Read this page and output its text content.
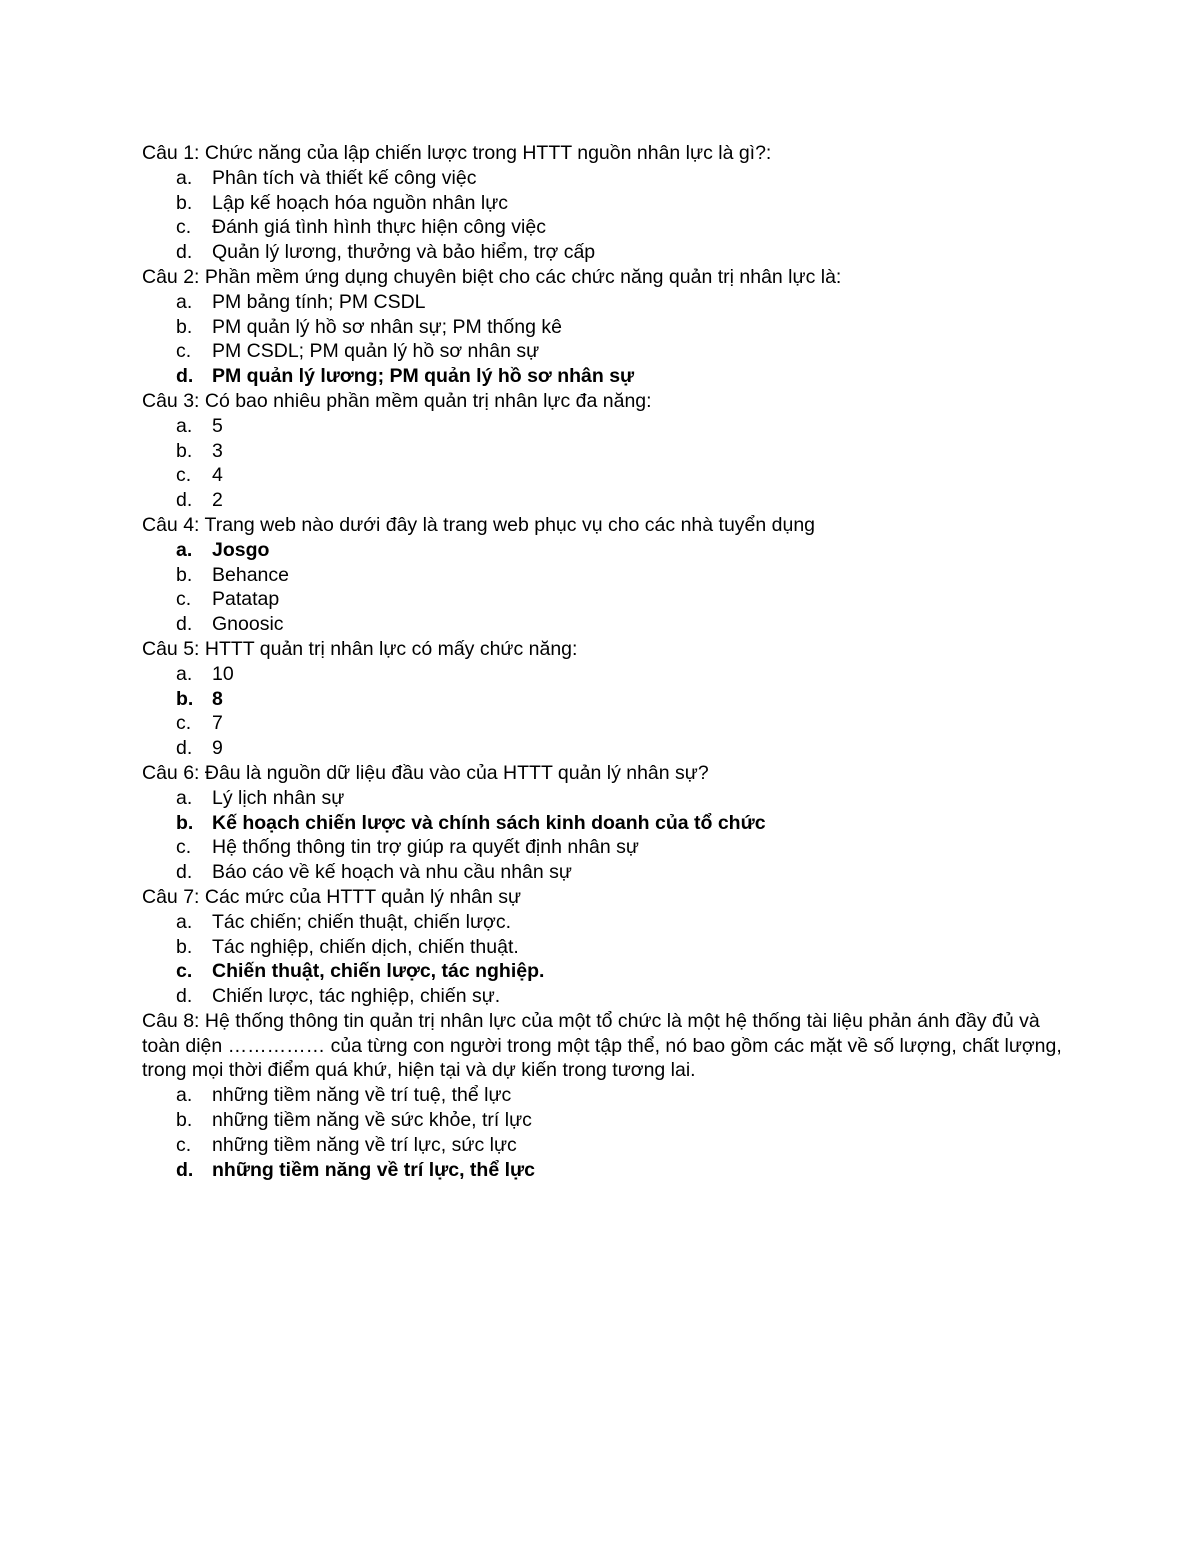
Câu 1: Chức năng của lập chiến lược trong HTTT nguồn nhân lực là gì?:
a.	Phân tích và thiết kế công việc
b.	Lập kế hoạch hóa nguồn nhân lực
c.	Đánh giá tình hình thực hiện công việc
d.	Quản lý lương, thưởng và bảo hiểm, trợ cấp
Câu 2: Phần mềm ứng dụng chuyên biệt cho các chức năng quản trị nhân lực là:
a.	PM bảng tính; PM CSDL
b.	PM quản lý hồ sơ nhân sự; PM thống kê
c.	PM CSDL; PM quản lý hồ sơ nhân sự
d. PM quản lý lương; PM quản lý hồ sơ nhân sự
Câu 3: Có bao nhiêu phần mềm quản trị nhân lực đa năng:
a.	5
b.	3
c.	4
d.	2
Câu 4: Trang web nào dưới đây là trang web phục vụ cho các nhà tuyển dụng
a.	Josgo
b.	Behance
c.	Patatap
d.	Gnoosic
Câu 5: HTTT quản trị nhân lực có mấy chức năng:
a.	10
b. 8
c.	7
d.	9
Câu 6: Đâu là nguồn dữ liệu đầu vào của HTTT quản lý nhân sự?
a.	Lý lịch nhân sự
b. Kế hoạch chiến lược và chính sách kinh doanh của tổ chức
c.	Hệ thống thông tin trợ giúp ra quyết định nhân sự
d.	Báo cáo về kế hoạch và nhu cầu nhân sự
Câu 7: Các mức của HTTT quản lý nhân sự
a.	Tác chiến; chiến thuật, chiến lược.
b.	Tác nghiệp, chiến dịch, chiến thuật.
c.	Chiến thuật, chiến lược, tác nghiệp.
d.	Chiến lược, tác nghiệp, chiến sự.
Câu 8: Hệ thống thông tin quản trị nhân lực của một tổ chức là một hệ thống tài liệu phản ánh đầy đủ và toàn diện …………… của từng con người trong một tập thể, nó bao gồm các mặt về số lượng, chất lượng, trong mọi thời điểm quá khứ, hiện tại và dự kiến trong tương lai.
a.	những tiềm năng về trí tuệ, thể lực
b.	những tiềm năng về sức khỏe, trí lực
c.	những tiềm năng về trí lực, sức lực
d. những tiềm năng về trí lực, thể lực
